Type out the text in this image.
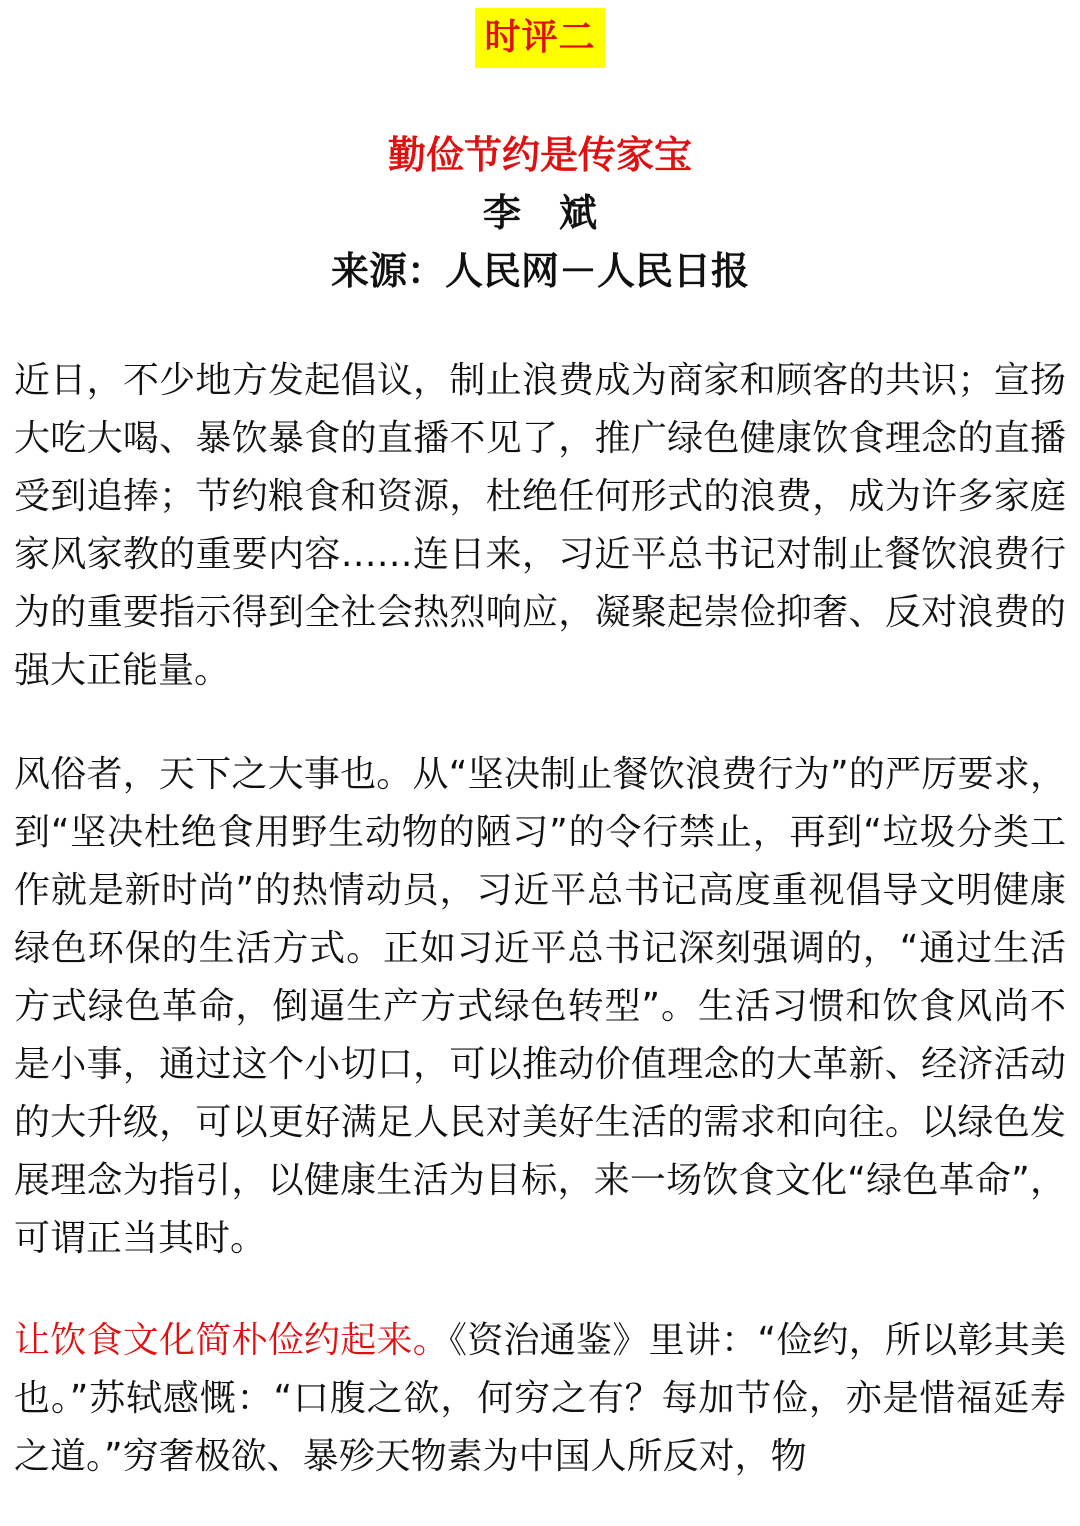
时评二
勤俭节约是传家宝
李　斌
来源：人民网－人民日报

近日，不少地方发起倡议，制止浪费成为商家和顾客的共识；宣扬大吃大喝、暴饮暴食的直播不见了，推广绿色健康饮食理念的直播受到追捧；节约粮食和资源，杜绝任何形式的浪费，成为许多家庭家风家教的重要内容……连日来，习近平总书记对制止餐饮浪费行为的重要指示得到全社会热烈响应，凝聚起崇俭抑奢、反对浪费的强大正能量。

风俗者，天下之大事也。从“坚决制止餐饮浪费行为”的严厉要求，到“坚决杜绝食用野生动物的陋习”的令行禁止，再到“垃圾分类工作就是新时尚”的热情动员，习近平总书记高度重视倡导文明健康绿色环保的生活方式。正如习近平总书记深刻强调的，“通过生活方式绿色革命，倒逼生产方式绿色转型”。生活习惯和饮食风尚不是小事，通过这个小切口，可以推动价值理念的大革新、经济活动的大升级，可以更好满足人民对美好生活的需求和向往。以绿色发展理念为指引，以健康生活为目标，来一场饮食文化“绿色革命”，可谓正当其时。

让饮食文化简朴俭约起来。《资治通鉴》里讲：“俭约，所以彰其美也。”苏轼感慨：“口腹之欲，何穷之有？每加节俭，亦是惜福延寿之道。”穷奢极欲、暴殄天物素为中国人所反对，物
